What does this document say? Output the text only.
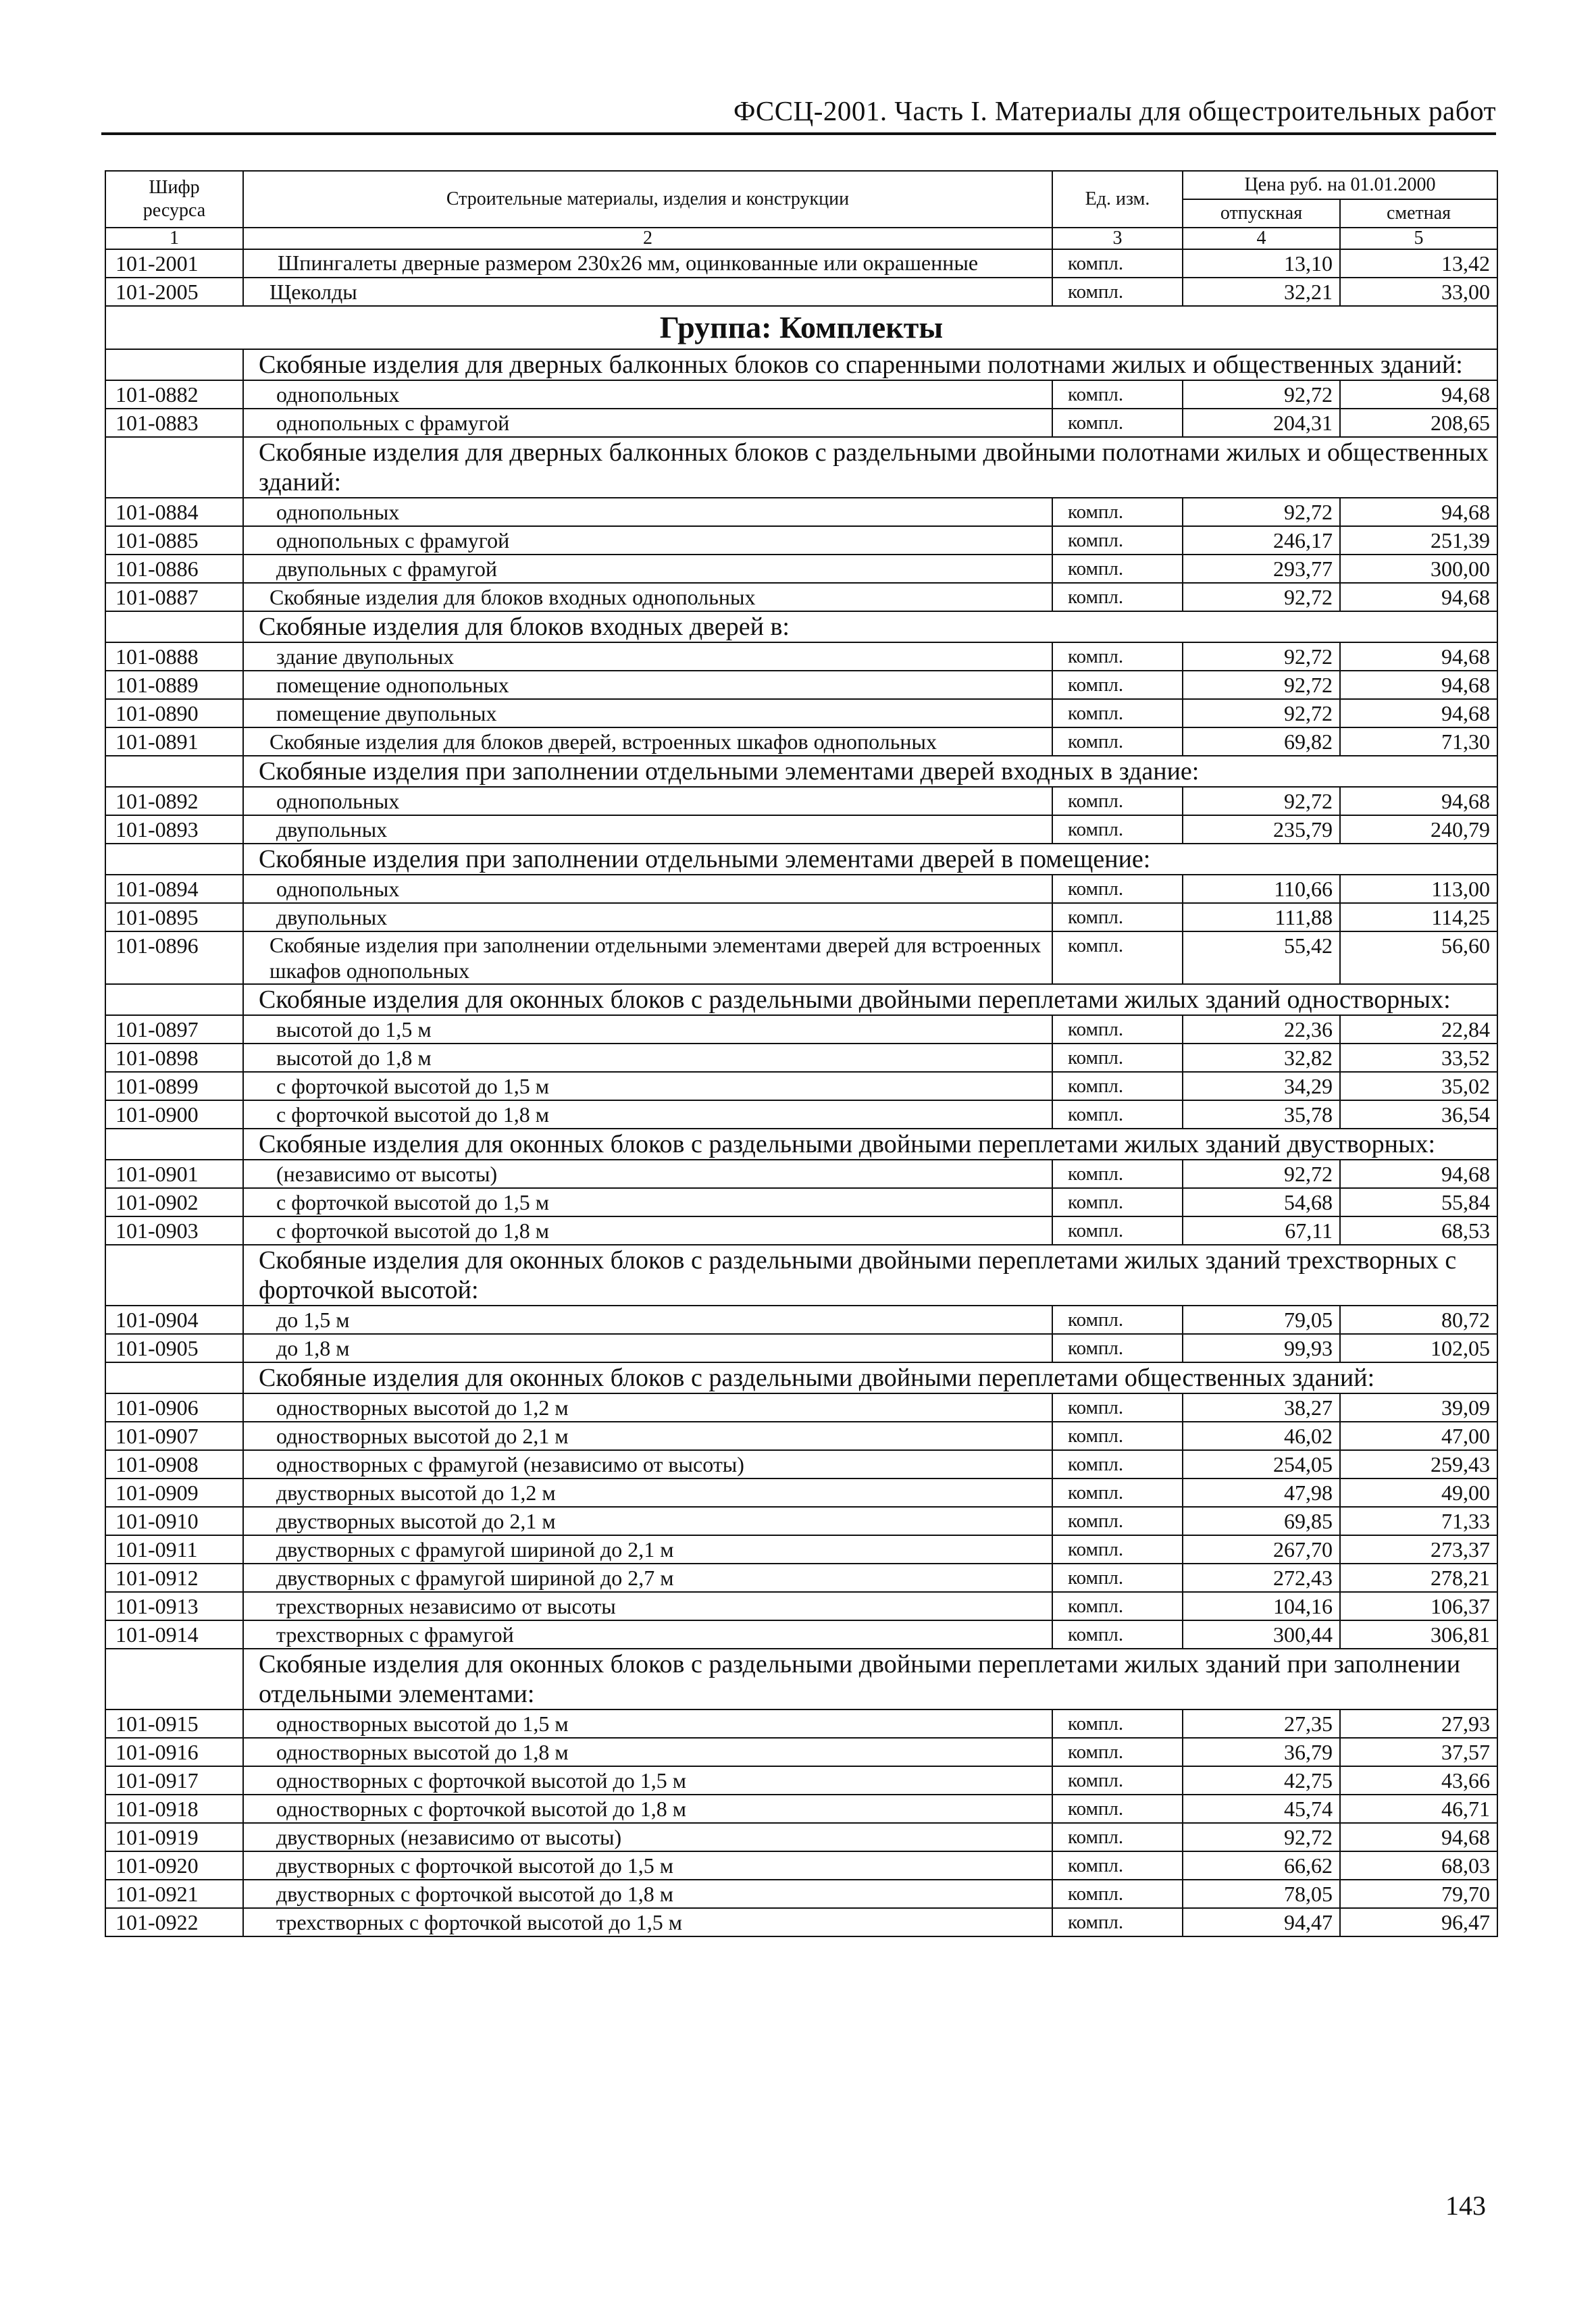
ФССЦ-2001. Часть I. Материалы для общестроительных работ
Шифр ресурса	Строительные материалы, изделия и конструкции	Ед. изм.	Цена руб. на 01.01.2000	
			отпускная	сметная
1	2	3	4	5
101-2001	Шпингалеты дверные размером 230х26 мм, оцинкованные или окрашенные	компл.	13,10	13,42
101-2005	Щеколды	компл.	32,21	33,00
Группа: Комплекты				
	Скобяные изделия для дверных балконных блоков со спаренными полотнами жилых и общественных зданий:			
101-0882	однопольных	компл.	92,72	94,68
101-0883	однопольных с фрамугой	компл.	204,31	208,65
	Скобяные изделия для дверных балконных блоков с раздельными двойными полотнами жилых и общественных зданий:			
101-0884	однопольных	компл.	92,72	94,68
101-0885	однопольных с фрамугой	компл.	246,17	251,39
101-0886	двупольных с фрамугой	компл.	293,77	300,00
101-0887	Скобяные изделия для блоков входных однопольных	компл.	92,72	94,68
	Скобяные изделия для блоков входных дверей в:			
101-0888	здание двупольных	компл.	92,72	94,68
101-0889	помещение однопольных	компл.	92,72	94,68
101-0890	помещение двупольных	компл.	92,72	94,68
101-0891	Скобяные изделия для блоков дверей, встроенных шкафов однопольных	компл.	69,82	71,30
	Скобяные изделия при заполнении отдельными элементами дверей входных в здание:			
101-0892	однопольных	компл.	92,72	94,68
101-0893	двупольных	компл.	235,79	240,79
	Скобяные изделия при заполнении отдельными элементами дверей в помещение:			
101-0894	однопольных	компл.	110,66	113,00
101-0895	двупольных	компл.	111,88	114,25
101-0896	Скобяные изделия при заполнении отдельными элементами дверей для встроенных шкафов однопольных	компл.	55,42	56,60
	Скобяные изделия для оконных блоков с раздельными двойными переплетами жилых зданий одностворных:			
101-0897	высотой до 1,5 м	компл.	22,36	22,84
101-0898	высотой до 1,8 м	компл.	32,82	33,52
101-0899	с форточкой высотой до 1,5 м	компл.	34,29	35,02
101-0900	с форточкой высотой до 1,8 м	компл.	35,78	36,54
	Скобяные изделия для оконных блоков с раздельными двойными переплетами жилых зданий двустворных:			
101-0901	(независимо от высоты)	компл.	92,72	94,68
101-0902	с форточкой высотой до 1,5 м	компл.	54,68	55,84
101-0903	с форточкой высотой до 1,8 м	компл.	67,11	68,53
	Скобяные изделия для оконных блоков с раздельными двойными переплетами жилых зданий трехстворных с форточкой высотой:			
101-0904	до 1,5 м	компл.	79,05	80,72
101-0905	до 1,8 м	компл.	99,93	102,05
	Скобяные изделия для оконных блоков с раздельными двойными переплетами общественных зданий:			
101-0906	одностворных высотой до 1,2 м	компл.	38,27	39,09
101-0907	одностворных высотой до 2,1 м	компл.	46,02	47,00
101-0908	одностворных с фрамугой (независимо от высоты)	компл.	254,05	259,43
101-0909	двустворных высотой до 1,2 м	компл.	47,98	49,00
101-0910	двустворных высотой до 2,1 м	компл.	69,85	71,33
101-0911	двустворных с фрамугой шириной до 2,1 м	компл.	267,70	273,37
101-0912	двустворных с фрамугой шириной до 2,7 м	компл.	272,43	278,21
101-0913	трехстворных независимо от высоты	компл.	104,16	106,37
101-0914	трехстворных с фрамугой	компл.	300,44	306,81
	Скобяные изделия для оконных блоков с раздельными двойными переплетами жилых зданий при заполнении отдельными элементами:			
101-0915	одностворных высотой до 1,5 м	компл.	27,35	27,93
101-0916	одностворных высотой до 1,8 м	компл.	36,79	37,57
101-0917	одностворных с форточкой высотой до 1,5 м	компл.	42,75	43,66
101-0918	одностворных с форточкой высотой до 1,8 м	компл.	45,74	46,71
101-0919	двустворных (независимо от высоты)	компл.	92,72	94,68
101-0920	двустворных с форточкой высотой до 1,5 м	компл.	66,62	68,03
101-0921	двустворных с форточкой высотой до 1,8 м	компл.	78,05	79,70
101-0922	трехстворных с форточкой высотой до 1,5 м	компл.	94,47	96,47
143
